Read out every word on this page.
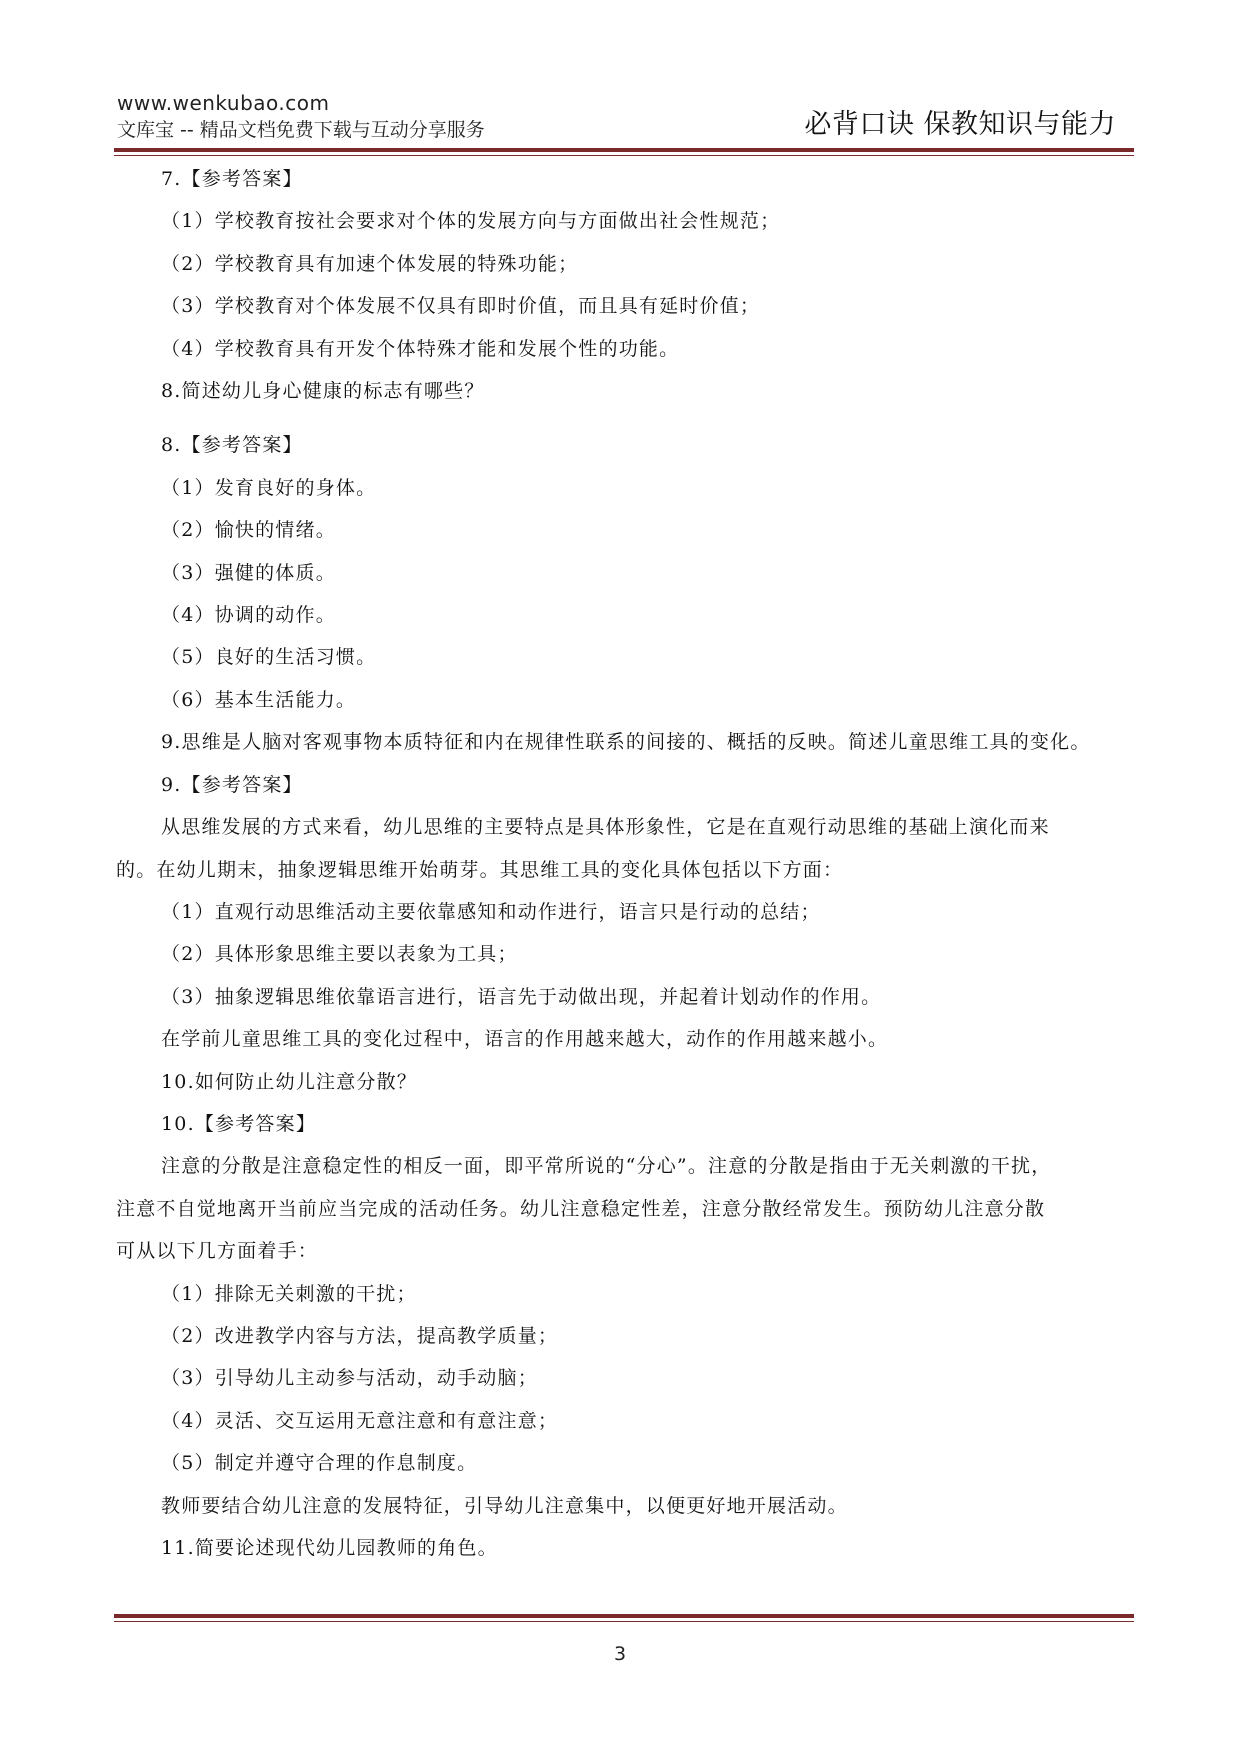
www.wenkubao.com
文库宝 -- 精品文档免费下载与互动分享服务	必背口诀 保教知识与能力
7.【参考答案】
（1）学校教育按社会要求对个体的发展方向与方面做出社会性规范；
（2）学校教育具有加速个体发展的特殊功能；
（3）学校教育对个体发展不仅具有即时价值，而且具有延时价值；
（4）学校教育具有开发个体特殊才能和发展个性的功能。
8.简述幼儿身心健康的标志有哪些？
8.【参考答案】
（1）发育良好的身体。
（2）愉快的情绪。
（3）强健的体质。
（4）协调的动作。
（5）良好的生活习惯。
（6）基本生活能力。
9.思维是人脑对客观事物本质特征和内在规律性联系的间接的、概括的反映。简述儿童思维工具的变化。
9.【参考答案】
从思维发展的方式来看，幼儿思维的主要特点是具体形象性，它是在直观行动思维的基础上演化而来
的。在幼儿期末，抽象逻辑思维开始萌芽。其思维工具的变化具体包括以下方面：
（1）直观行动思维活动主要依靠感知和动作进行，语言只是行动的总结；
（2）具体形象思维主要以表象为工具；
（3）抽象逻辑思维依靠语言进行，语言先于动做出现，并起着计划动作的作用。
在学前儿童思维工具的变化过程中，语言的作用越来越大，动作的作用越来越小。
10.如何防止幼儿注意分散？
10.【参考答案】
注意的分散是注意稳定性的相反一面，即平常所说的“分心”。注意的分散是指由于无关刺激的干扰，
注意不自觉地离开当前应当完成的活动任务。幼儿注意稳定性差，注意分散经常发生。预防幼儿注意分散
可从以下几方面着手：
（1）排除无关刺激的干扰；
（2）改进教学内容与方法，提高教学质量；
（3）引导幼儿主动参与活动，动手动脑；
（4）灵活、交互运用无意注意和有意注意；
（5）制定并遵守合理的作息制度。
教师要结合幼儿注意的发展特征，引导幼儿注意集中，以便更好地开展活动。
11.简要论述现代幼儿园教师的角色。
3
